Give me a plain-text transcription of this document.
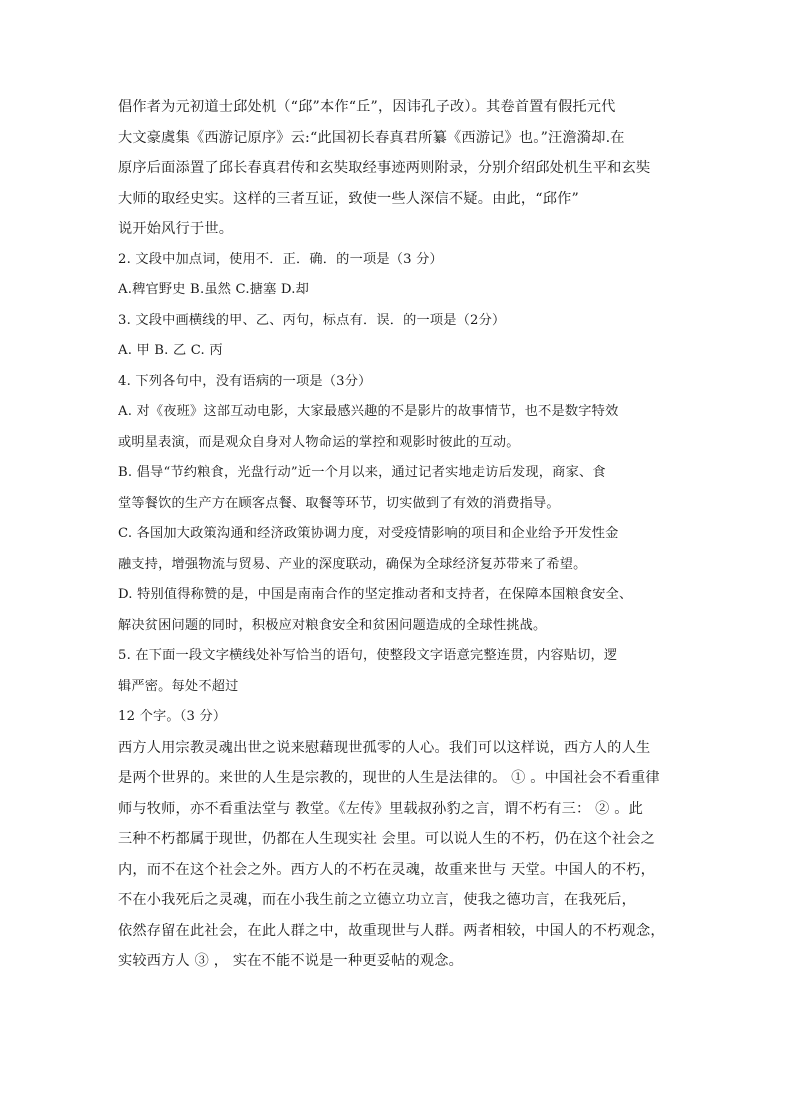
倡作者为元初道士邱处机（“邱”本作“丘”，因讳孔子改）。其卷首置有假托元代
大文豪虞集《西游记原序》云:“此国初长春真君所纂《西游记》也。”汪澹漪却.在
原序后面添置了邱长春真君传和玄奘取经事迹两则附录，分别介绍邱处机生平和玄奘
大师的取经史实。这样的三者互证，致使一些人深信不疑。由此，“邱作”
说开始风行于世。
2. 文段中加点词，使用不．正．确．的一项是（3 分）
A.稗官野史 B.虽然 C.搪塞 D.却
3. 文段中画横线的甲、乙、丙句，标点有．误．的一项是（2分）
A. 甲 B. 乙 C. 丙
4. 下列各句中，没有语病的一项是（3分）
A. 对《夜班》这部互动电影，大家最感兴趣的不是影片的故事情节，也不是数字特效
或明星表演，而是观众自身对人物命运的掌控和观影时彼此的互动。
B. 倡导“节约粮食，光盘行动”近一个月以来，通过记者实地走访后发现，商家、食
堂等餐饮的生产方在顾客点餐、取餐等环节，切实做到了有效的消费指导。
C. 各国加大政策沟通和经济政策协调力度，对受疫情影响的项目和企业给予开发性金
融支持，增强物流与贸易、产业的深度联动，确保为全球经济复苏带来了希望。
D. 特别值得称赞的是，中国是南南合作的坚定推动者和支持者，在保障本国粮食安全、
解决贫困问题的同时，积极应对粮食安全和贫困问题造成的全球性挑战。
5. 在下面一段文字横线处补写恰当的语句，使整段文字语意完整连贯，内容贴切，逻
辑严密。每处不超过
12 个字。（3 分）
西方人用宗教灵魂出世之说来慰藉现世孤零的人心。我们可以这样说，西方人的人生
是两个世界的。来世的人生是宗教的，现世的人生是法律的。 ① 。中国社会不看重律
师与牧师，亦不看重法堂与 教堂。《左传》里载叔孙豹之言，谓不朽有三： ② 。此
三种不朽都属于现世，仍都在人生现实社 会里。可以说人生的不朽，仍在这个社会之
内，而不在这个社会之外。西方人的不朽在灵魂，故重来世与 天堂。中国人的不朽，
不在小我死后之灵魂，而在小我生前之立德立功立言，使我之德功言，在我死后，
依然存留在此社会，在此人群之中，故重现世与人群。两者相较，中国人的不朽观念，
实较西方人 ③ ， 实在不能不说是一种更妥帖的观念。
